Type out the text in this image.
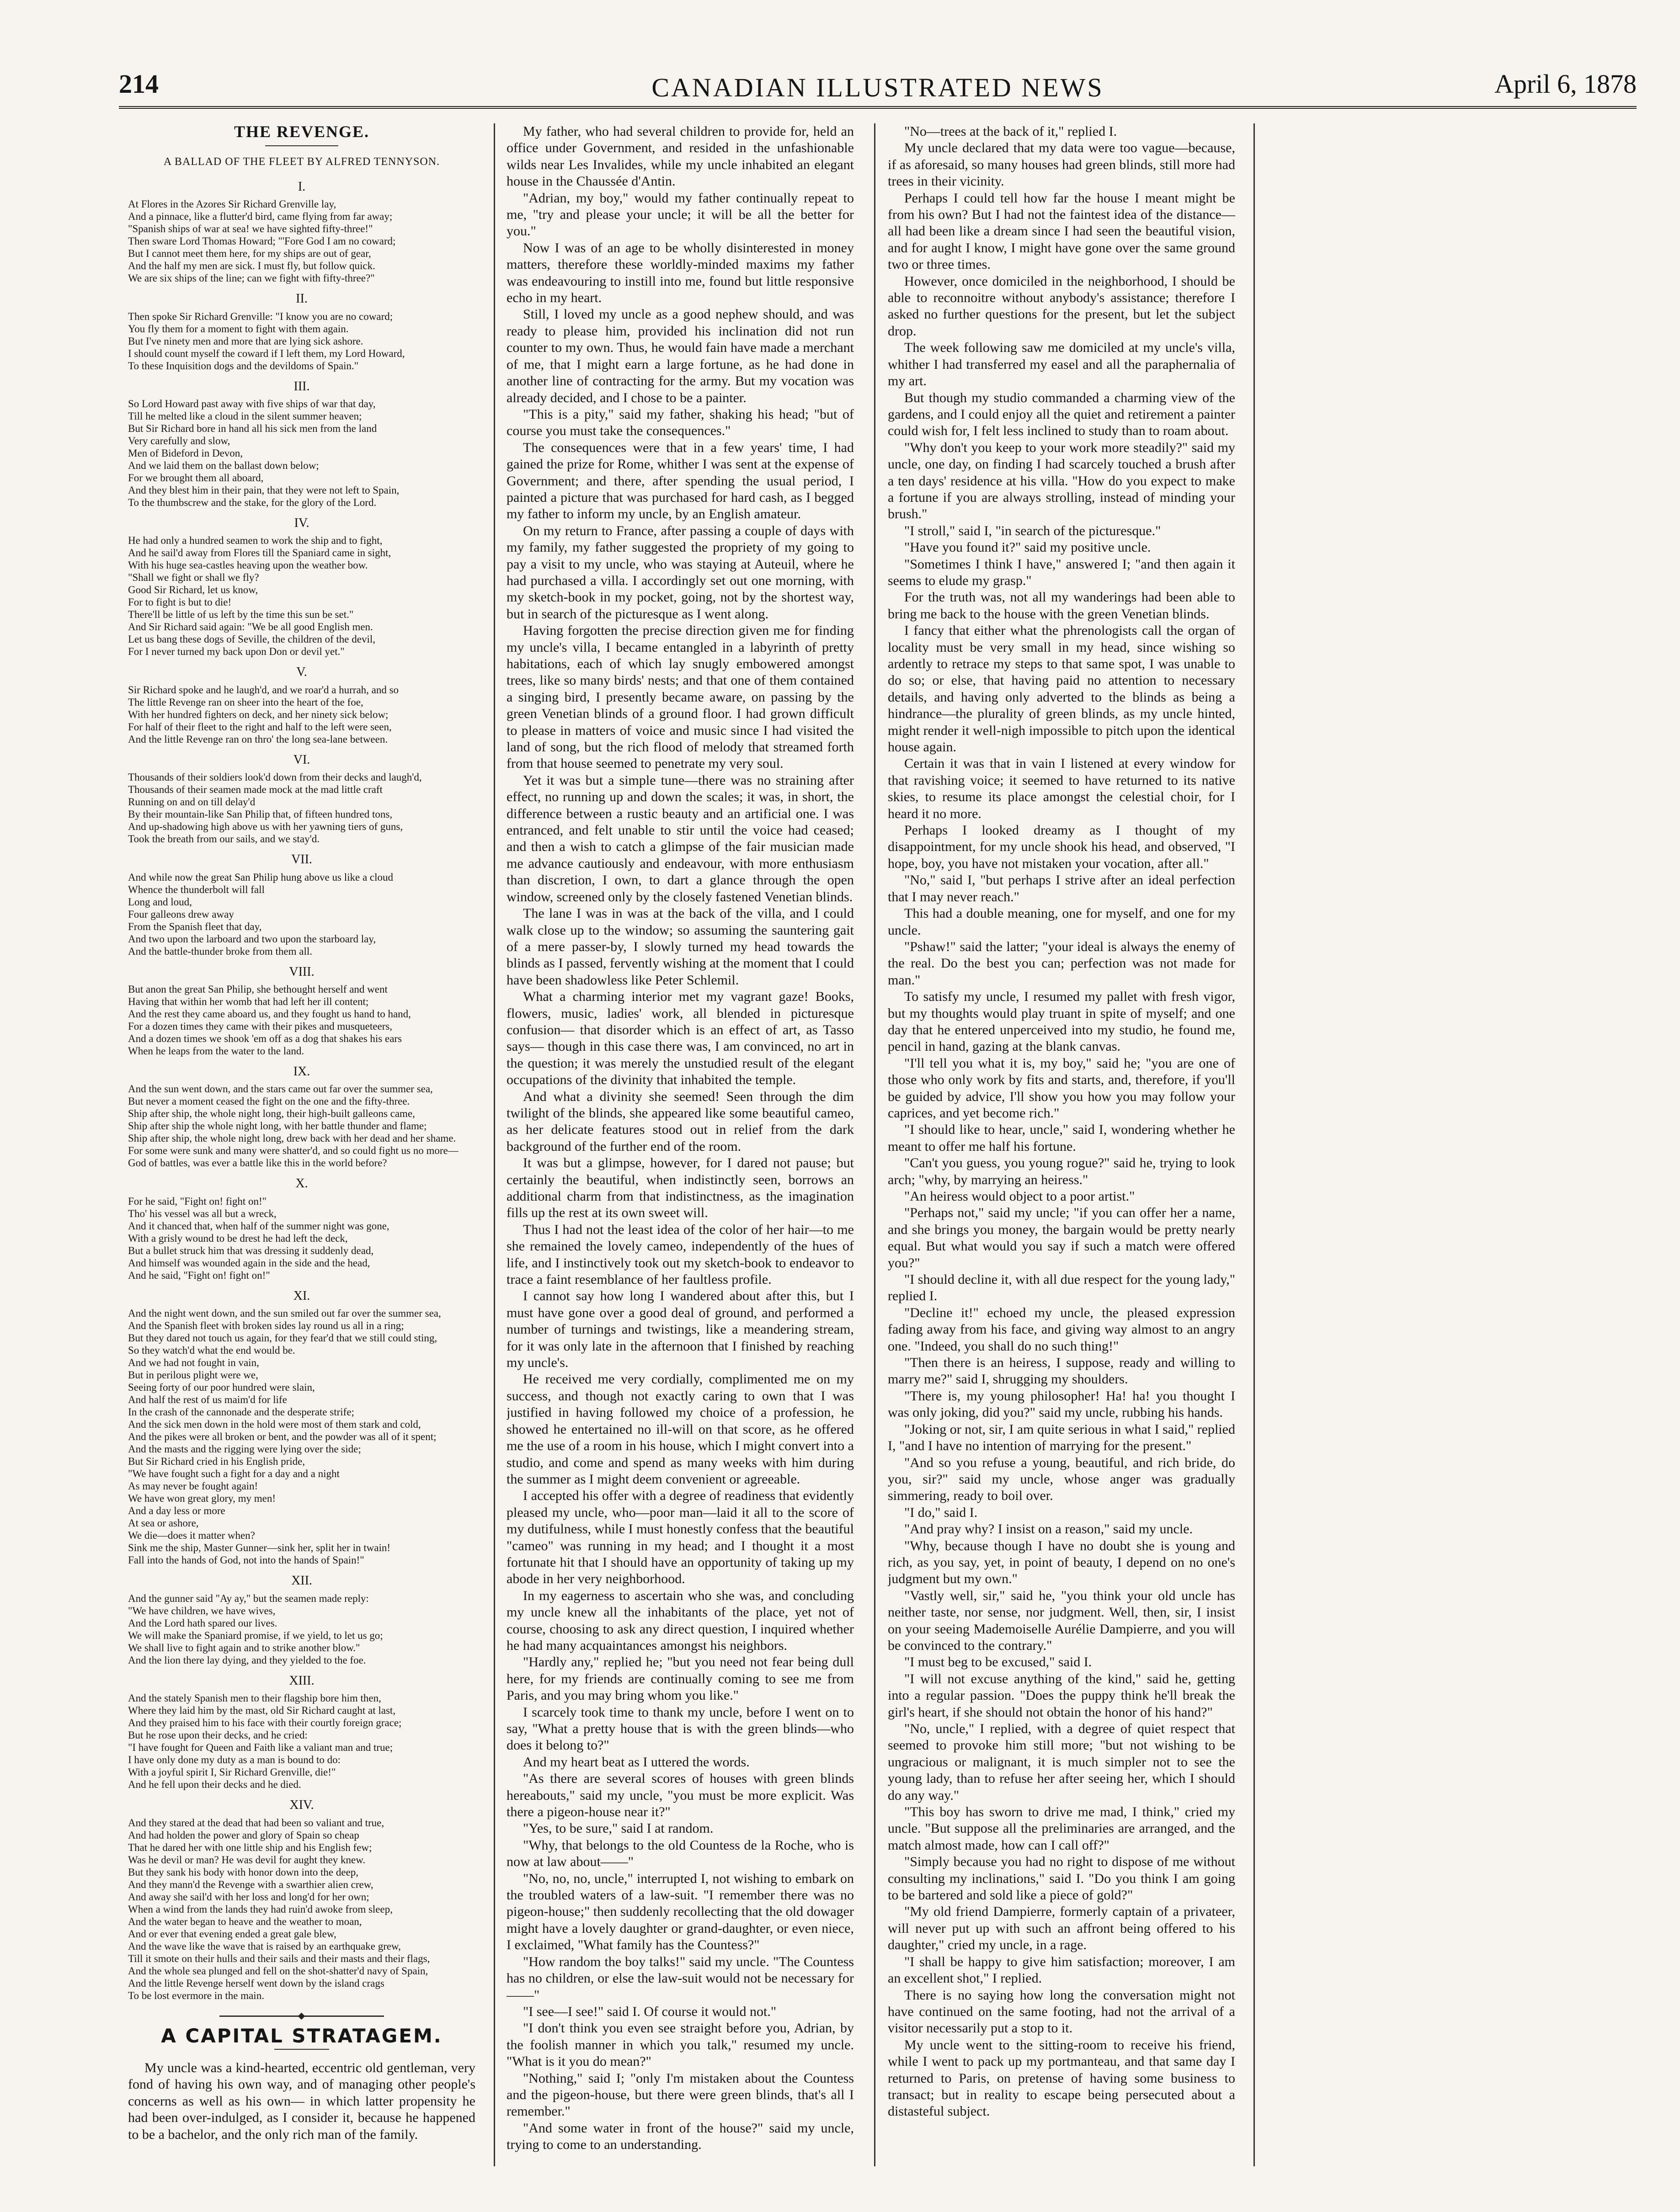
214	CANADIAN ILLUSTRATED NEWS	April 6, 1878
THE REVENGE.
A BALLAD OF THE FLEET BY ALFRED TENNYSON.
I.
At Flores in the Azores Sir Richard Grenville lay,
And a pinnace, like a flutter'd bird, came flying from far away;
"Spanish ships of war at sea! we have sighted fifty-three!"
Then sware Lord Thomas Howard; "'Fore God I am no coward;
But I cannot meet them here, for my ships are out of gear,
And the half my men are sick. I must fly, but follow quick.
We are six ships of the line; can we fight with fifty-three?"
II.
Then spoke Sir Richard Grenville: "I know you are no coward;
You fly them for a moment to fight with them again.
But I've ninety men and more that are lying sick ashore.
I should count myself the coward if I left them, my Lord Howard,
To these Inquisition dogs and the devildoms of Spain."
III.
So Lord Howard past away with five ships of war that day,
Till he melted like a cloud in the silent summer heaven;
But Sir Richard bore in hand all his sick men from the land
Very carefully and slow,
Men of Bideford in Devon,
And we laid them on the ballast down below;
For we brought them all aboard,
And they blest him in their pain, that they were not left to Spain,
To the thumbscrew and the stake, for the glory of the Lord.
IV.
He had only a hundred seamen to work the ship and to fight,
And he sail'd away from Flores till the Spaniard came in sight,
With his huge sea-castles heaving upon the weather bow.
"Shall we fight or shall we fly?
Good Sir Richard, let us know,
For to fight is but to die!
There'll be little of us left by the time this sun be set."
And Sir Richard said again: "We be all good English men.
Let us bang these dogs of Seville, the children of the devil,
For I never turned my back upon Don or devil yet."
V.
Sir Richard spoke and he laugh'd, and we roar'd a hurrah, and so
The little Revenge ran on sheer into the heart of the foe,
With her hundred fighters on deck, and her ninety sick below;
For half of their fleet to the right and half to the left were seen,
And the little Revenge ran on thro' the long sea-lane between.
VI.
Thousands of their soldiers look'd down from their decks and laugh'd,
Thousands of their seamen made mock at the mad little craft
Running on and on till delay'd
By their mountain-like San Philip that, of fifteen hundred tons,
And up-shadowing high above us with her yawning tiers of guns,
Took the breath from our sails, and we stay'd.
VII.
And while now the great San Philip hung above us like a cloud
Whence the thunderbolt will fall
Long and loud,
Four galleons drew away
From the Spanish fleet that day,
And two upon the larboard and two upon the starboard lay,
And the battle-thunder broke from them all.
VIII.
But anon the great San Philip, she bethought herself and went
Having that within her womb that had left her ill content;
And the rest they came aboard us, and they fought us hand to hand,
For a dozen times they came with their pikes and musqueteers,
And a dozen times we shook 'em off as a dog that shakes his ears
When he leaps from the water to the land.
IX.
And the sun went down, and the stars came out far over the summer sea,
But never a moment ceased the fight on the one and the fifty-three.
Ship after ship, the whole night long, their high-built galleons came,
Ship after ship the whole night long, with her battle thunder and flame;
Ship after ship, the whole night long, drew back with her dead and her shame.
For some were sunk and many were shatter'd, and so could fight us no more—
God of battles, was ever a battle like this in the world before?
X.
For he said, "Fight on! fight on!"
Tho' his vessel was all but a wreck,
And it chanced that, when half of the summer night was gone,
With a grisly wound to be drest he had left the deck,
But a bullet struck him that was dressing it suddenly dead,
And himself was wounded again in the side and the head,
And he said, "Fight on! fight on!"
XI.
And the night went down, and the sun smiled out far over the summer sea,
And the Spanish fleet with broken sides lay round us all in a ring;
But they dared not touch us again, for they fear'd that we still could sting,
So they watch'd what the end would be.
And we had not fought in vain,
But in perilous plight were we,
Seeing forty of our poor hundred were slain,
And half the rest of us maim'd for life
In the crash of the cannonade and the desperate strife;
And the sick men down in the hold were most of them stark and cold,
And the pikes were all broken or bent, and the powder was all of it spent;
And the masts and the rigging were lying over the side;
But Sir Richard cried in his English pride,
"We have fought such a fight for a day and a night
As may never be fought again!
We have won great glory, my men!
And a day less or more
At sea or ashore,
We die—does it matter when?
Sink me the ship, Master Gunner—sink her, split her in twain!
Fall into the hands of God, not into the hands of Spain!"
XII.
And the gunner said "Ay ay," but the seamen made reply:
"We have children, we have wives,
And the Lord hath spared our lives.
We will make the Spaniard promise, if we yield, to let us go;
We shall live to fight again and to strike another blow."
And the lion there lay dying, and they yielded to the foe.
XIII.
And the stately Spanish men to their flagship bore him then,
Where they laid him by the mast, old Sir Richard caught at last,
And they praised him to his face with their courtly foreign grace;
But he rose upon their decks, and he cried:
"I have fought for Queen and Faith like a valiant man and true;
I have only done my duty as a man is bound to do:
With a joyful spirit I, Sir Richard Grenville, die!"
And he fell upon their decks and he died.
XIV.
And they stared at the dead that had been so valiant and true,
And had holden the power and glory of Spain so cheap
That he dared her with one little ship and his English few;
Was he devil or man? He was devil for aught they knew.
But they sank his body with honor down into the deep,
And they mann'd the Revenge with a swarthier alien crew,
And away she sail'd with her loss and long'd for her own;
When a wind from the lands they had ruin'd awoke from sleep,
And the water began to heave and the weather to moan,
And or ever that evening ended a great gale blew,
And the wave like the wave that is raised by an earthquake grew,
Till it smote on their hulls and their sails and their masts and their flags,
And the whole sea plunged and fell on the shot-shatter'd navy of Spain,
And the little Revenge herself went down by the island crags
To be lost evermore in the main.
A CAPITAL STRATAGEM.

My uncle was a kind-hearted, eccentric old gentleman, very fond of having his own way, and of managing other people's concerns as well as his own— in which latter propensity he had been over-indulged, as I consider it, because he happened to be a bachelor, and the only rich man of the family.

My father, who had several children to provide for, held an office under Government, and resided in the unfashionable wilds near Les Invalides, while my uncle inhabited an elegant house in the Chaussée d'Antin.

"Adrian, my boy," would my father continually repeat to me, "try and please your uncle; it will be all the better for you."

Now I was of an age to be wholly disinterested in money matters, therefore these worldly-minded maxims my father was endeavouring to instill into me, found but little responsive echo in my heart.

Still, I loved my uncle as a good nephew should, and was ready to please him, provided his inclination did not run counter to my own. Thus, he would fain have made a merchant of me, that I might earn a large fortune, as he had done in another line of contracting for the army. But my vocation was already decided, and I chose to be a painter.

"This is a pity," said my father, shaking his head; "but of course you must take the consequences."

The consequences were that in a few years' time, I had gained the prize for Rome, whither I was sent at the expense of Government; and there, after spending the usual period, I painted a picture that was purchased for hard cash, as I begged my father to inform my uncle, by an English amateur.

On my return to France, after passing a couple of days with my family, my father suggested the propriety of my going to pay a visit to my uncle, who was staying at Auteuil, where he had purchased a villa. I accordingly set out one morning, with my sketch-book in my pocket, going, not by the shortest way, but in search of the picturesque as I went along.

Having forgotten the precise direction given me for finding my uncle's villa, I became entangled in a labyrinth of pretty habitations, each of which lay snugly embowered amongst trees, like so many birds' nests; and that one of them contained a singing bird, I presently became aware, on passing by the green Venetian blinds of a ground floor. I had grown difficult to please in matters of voice and music since I had visited the land of song, but the rich flood of melody that streamed forth from that house seemed to penetrate my very soul.

Yet it was but a simple tune—there was no straining after effect, no running up and down the scales; it was, in short, the difference between a rustic beauty and an artificial one. I was entranced, and felt unable to stir until the voice had ceased; and then a wish to catch a glimpse of the fair musician made me advance cautiously and endeavour, with more enthusiasm than discretion, I own, to dart a glance through the open window, screened only by the closely fastened Venetian blinds.

The lane I was in was at the back of the villa, and I could walk close up to the window; so assuming the sauntering gait of a mere passer-by, I slowly turned my head towards the blinds as I passed, fervently wishing at the moment that I could have been shadowless like Peter Schlemil.

What a charming interior met my vagrant gaze! Books, flowers, music, ladies' work, all blended in picturesque confusion— that disorder which is an effect of art, as Tasso says— though in this case there was, I am convinced, no art in the question; it was merely the unstudied result of the elegant occupations of the divinity that inhabited the temple.

And what a divinity she seemed! Seen through the dim twilight of the blinds, she appeared like some beautiful cameo, as her delicate features stood out in relief from the dark background of the further end of the room.

It was but a glimpse, however, for I dared not pause; but certainly the beautiful, when indistinctly seen, borrows an additional charm from that indistinctness, as the imagination fills up the rest at its own sweet will.

Thus I had not the least idea of the color of her hair—to me she remained the lovely cameo, independently of the hues of life, and I instinctively took out my sketch-book to endeavor to trace a faint resemblance of her faultless profile.

I cannot say how long I wandered about after this, but I must have gone over a good deal of ground, and performed a number of turnings and twistings, like a meandering stream, for it was only late in the afternoon that I finished by reaching my uncle's.

He received me very cordially, complimented me on my success, and though not exactly caring to own that I was justified in having followed my choice of a profession, he showed he entertained no ill-will on that score, as he offered me the use of a room in his house, which I might convert into a studio, and come and spend as many weeks with him during the summer as I might deem convenient or agreeable.

I accepted his offer with a degree of readiness that evidently pleased my uncle, who—poor man—laid it all to the score of my dutifulness, while I must honestly confess that the beautiful "cameo" was running in my head; and I thought it a most fortunate hit that I should have an opportunity of taking up my abode in her very neighborhood.

In my eagerness to ascertain who she was, and concluding my uncle knew all the inhabitants of the place, yet not of course, choosing to ask any direct question, I inquired whether he had many acquaintances amongst his neighbors.

"Hardly any," replied he; "but you need not fear being dull here, for my friends are continually coming to see me from Paris, and you may bring whom you like."

I scarcely took time to thank my uncle, before I went on to say, "What a pretty house that is with the green blinds—who does it belong to?"

And my heart beat as I uttered the words.

"As there are several scores of houses with green blinds hereabouts," said my uncle, "you must be more explicit. Was there a pigeon-house near it?"

"Yes, to be sure," said I at random.

"Why, that belongs to the old Countess de la Roche, who is now at law about——"

"No, no, no, uncle," interrupted I, not wishing to embark on the troubled waters of a law-suit. "I remember there was no pigeon-house;" then suddenly recollecting that the old dowager might have a lovely daughter or grand-daughter, or even niece, I exclaimed, "What family has the Countess?"

"How random the boy talks!" said my uncle. "The Countess has no children, or else the law-suit would not be necessary for——"

"I see—I see!" said I. Of course it would not."

"I don't think you even see straight before you, Adrian, by the foolish manner in which you talk," resumed my uncle. "What is it you do mean?"

"Nothing," said I; "only I'm mistaken about the Countess and the pigeon-house, but there were green blinds, that's all I remember."

"And some water in front of the house?" said my uncle, trying to come to an understanding.

"No—trees at the back of it," replied I.

My uncle declared that my data were too vague—because, if as aforesaid, so many houses had green blinds, still more had trees in their vicinity.

Perhaps I could tell how far the house I meant might be from his own? But I had not the faintest idea of the distance—all had been like a dream since I had seen the beautiful vision, and for aught I know, I might have gone over the same ground two or three times.

However, once domiciled in the neighborhood, I should be able to reconnoitre without anybody's assistance; therefore I asked no further questions for the present, but let the subject drop.

The week following saw me domiciled at my uncle's villa, whither I had transferred my easel and all the paraphernalia of my art.

But though my studio commanded a charming view of the gardens, and I could enjoy all the quiet and retirement a painter could wish for, I felt less inclined to study than to roam about.

"Why don't you keep to your work more steadily?" said my uncle, one day, on finding I had scarcely touched a brush after a ten days' residence at his villa. "How do you expect to make a fortune if you are always strolling, instead of minding your brush."

"I stroll," said I, "in search of the picturesque."

"Have you found it?" said my positive uncle.

"Sometimes I think I have," answered I; "and then again it seems to elude my grasp."

For the truth was, not all my wanderings had been able to bring me back to the house with the green Venetian blinds.

I fancy that either what the phrenologists call the organ of locality must be very small in my head, since wishing so ardently to retrace my steps to that same spot, I was unable to do so; or else, that having paid no attention to necessary details, and having only adverted to the blinds as being a hindrance—the plurality of green blinds, as my uncle hinted, might render it well-nigh impossible to pitch upon the identical house again.

Certain it was that in vain I listened at every window for that ravishing voice; it seemed to have returned to its native skies, to resume its place amongst the celestial choir, for I heard it no more.

Perhaps I looked dreamy as I thought of my disappointment, for my uncle shook his head, and observed, "I hope, boy, you have not mistaken your vocation, after all."

"No," said I, "but perhaps I strive after an ideal perfection that I may never reach."

This had a double meaning, one for myself, and one for my uncle.

"Pshaw!" said the latter; "your ideal is always the enemy of the real. Do the best you can; perfection was not made for man."

To satisfy my uncle, I resumed my pallet with fresh vigor, but my thoughts would play truant in spite of myself; and one day that he entered unperceived into my studio, he found me, pencil in hand, gazing at the blank canvas.

"I'll tell you what it is, my boy," said he; "you are one of those who only work by fits and starts, and, therefore, if you'll be guided by advice, I'll show you how you may follow your caprices, and yet become rich."

"I should like to hear, uncle," said I, wondering whether he meant to offer me half his fortune.

"Can't you guess, you young rogue?" said he, trying to look arch; "why, by marrying an heiress."

"An heiress would object to a poor artist."

"Perhaps not," said my uncle; "if you can offer her a name, and she brings you money, the bargain would be pretty nearly equal. But what would you say if such a match were offered you?"

"I should decline it, with all due respect for the young lady," replied I.

"Decline it!" echoed my uncle, the pleased expression fading away from his face, and giving way almost to an angry one. "Indeed, you shall do no such thing!"

"Then there is an heiress, I suppose, ready and willing to marry me?" said I, shrugging my shoulders.

"There is, my young philosopher! Ha! ha! you thought I was only joking, did you?" said my uncle, rubbing his hands.

"Joking or not, sir, I am quite serious in what I said," replied I, "and I have no intention of marrying for the present."

"And so you refuse a young, beautiful, and rich bride, do you, sir?" said my uncle, whose anger was gradually simmering, ready to boil over.

"I do," said I.

"And pray why? I insist on a reason," said my uncle.

"Why, because though I have no doubt she is young and rich, as you say, yet, in point of beauty, I depend on no one's judgment but my own."

"Vastly well, sir," said he, "you think your old uncle has neither taste, nor sense, nor judgment. Well, then, sir, I insist on your seeing Mademoiselle Aurélie Dampierre, and you will be convinced to the contrary."

"I must beg to be excused," said I.

"I will not excuse anything of the kind," said he, getting into a regular passion. "Does the puppy think he'll break the girl's heart, if she should not obtain the honor of his hand?"

"No, uncle," I replied, with a degree of quiet respect that seemed to provoke him still more; "but not wishing to be ungracious or malignant, it is much simpler not to see the young lady, than to refuse her after seeing her, which I should do any way."

"This boy has sworn to drive me mad, I think," cried my uncle. "But suppose all the preliminaries are arranged, and the match almost made, how can I call off?"

"Simply because you had no right to dispose of me without consulting my inclinations," said I. "Do you think I am going to be bartered and sold like a piece of gold?"

"My old friend Dampierre, formerly captain of a privateer, will never put up with such an affront being offered to his daughter," cried my uncle, in a rage.

"I shall be happy to give him satisfaction; moreover, I am an excellent shot," I replied.

There is no saying how long the conversation might not have continued on the same footing, had not the arrival of a visitor necessarily put a stop to it.

My uncle went to the sitting-room to receive his friend, while I went to pack up my portmanteau, and that same day I returned to Paris, on pretense of having some business to transact; but in reality to escape being persecuted about a distasteful subject.
